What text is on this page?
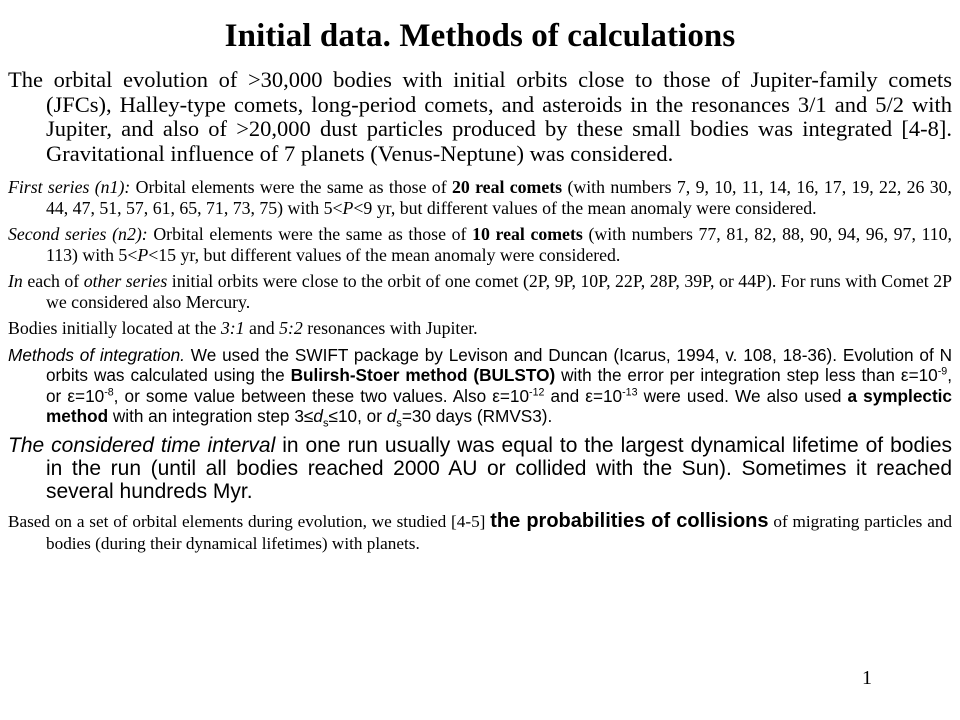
Initial data. Methods of calculations

The orbital evolution of >30,000 bodies with initial orbits close to those of Jupiter-family comets (JFCs), Halley-type comets, long-period comets, and asteroids in the resonances 3/1 and 5/2 with Jupiter, and also of >20,000 dust particles produced by these small bodies was integrated [4-8]. Gravitational influence of 7 planets (Venus-Neptune) was considered.

First series (n1): Orbital elements were the same as those of 20 real comets (with numbers 7, 9, 10, 11, 14, 16, 17, 19, 22, 26 30, 44, 47, 51, 57, 61, 65, 71, 73, 75) with 5<P<9 yr, but different values of the mean anomaly were considered.

Second series (n2): Orbital elements were the same as those of 10 real comets (with numbers 77, 81, 82, 88, 90, 94, 96, 97, 110, 113) with 5<P<15 yr, but different values of the mean anomaly were considered.

In each of other series initial orbits were close to the orbit of one comet (2P, 9P, 10P, 22P, 28P, 39P, or 44P). For runs with Comet 2P we considered also Mercury.

Bodies initially located at the 3:1 and 5:2 resonances with Jupiter.

Methods of integration. We used the SWIFT package by Levison and Duncan (Icarus, 1994, v. 108, 18-36). Evolution of N orbits was calculated using the Bulirsh-Stoer method (BULSTO) with the error per integration step less than $\varepsilon=10^{-9}$, or $\varepsilon=10^{-8}$, or some value between these two values. Also $\varepsilon=10^{-12}$ and $\varepsilon=10^{-13}$ were used. We also used a symplectic method with an integration step $3\le d_s\le 10$, or $d_s=30$ days (RMVS3).

The considered time interval in one run usually was equal to the largest dynamical lifetime of bodies in the run (until all bodies reached 2000 AU or collided with the Sun). Sometimes it reached several hundreds Myr.

Based on a set of orbital elements during evolution, we studied [4-5] the probabilities of collisions of migrating particles and bodies (during their dynamical lifetimes) with planets.

1
